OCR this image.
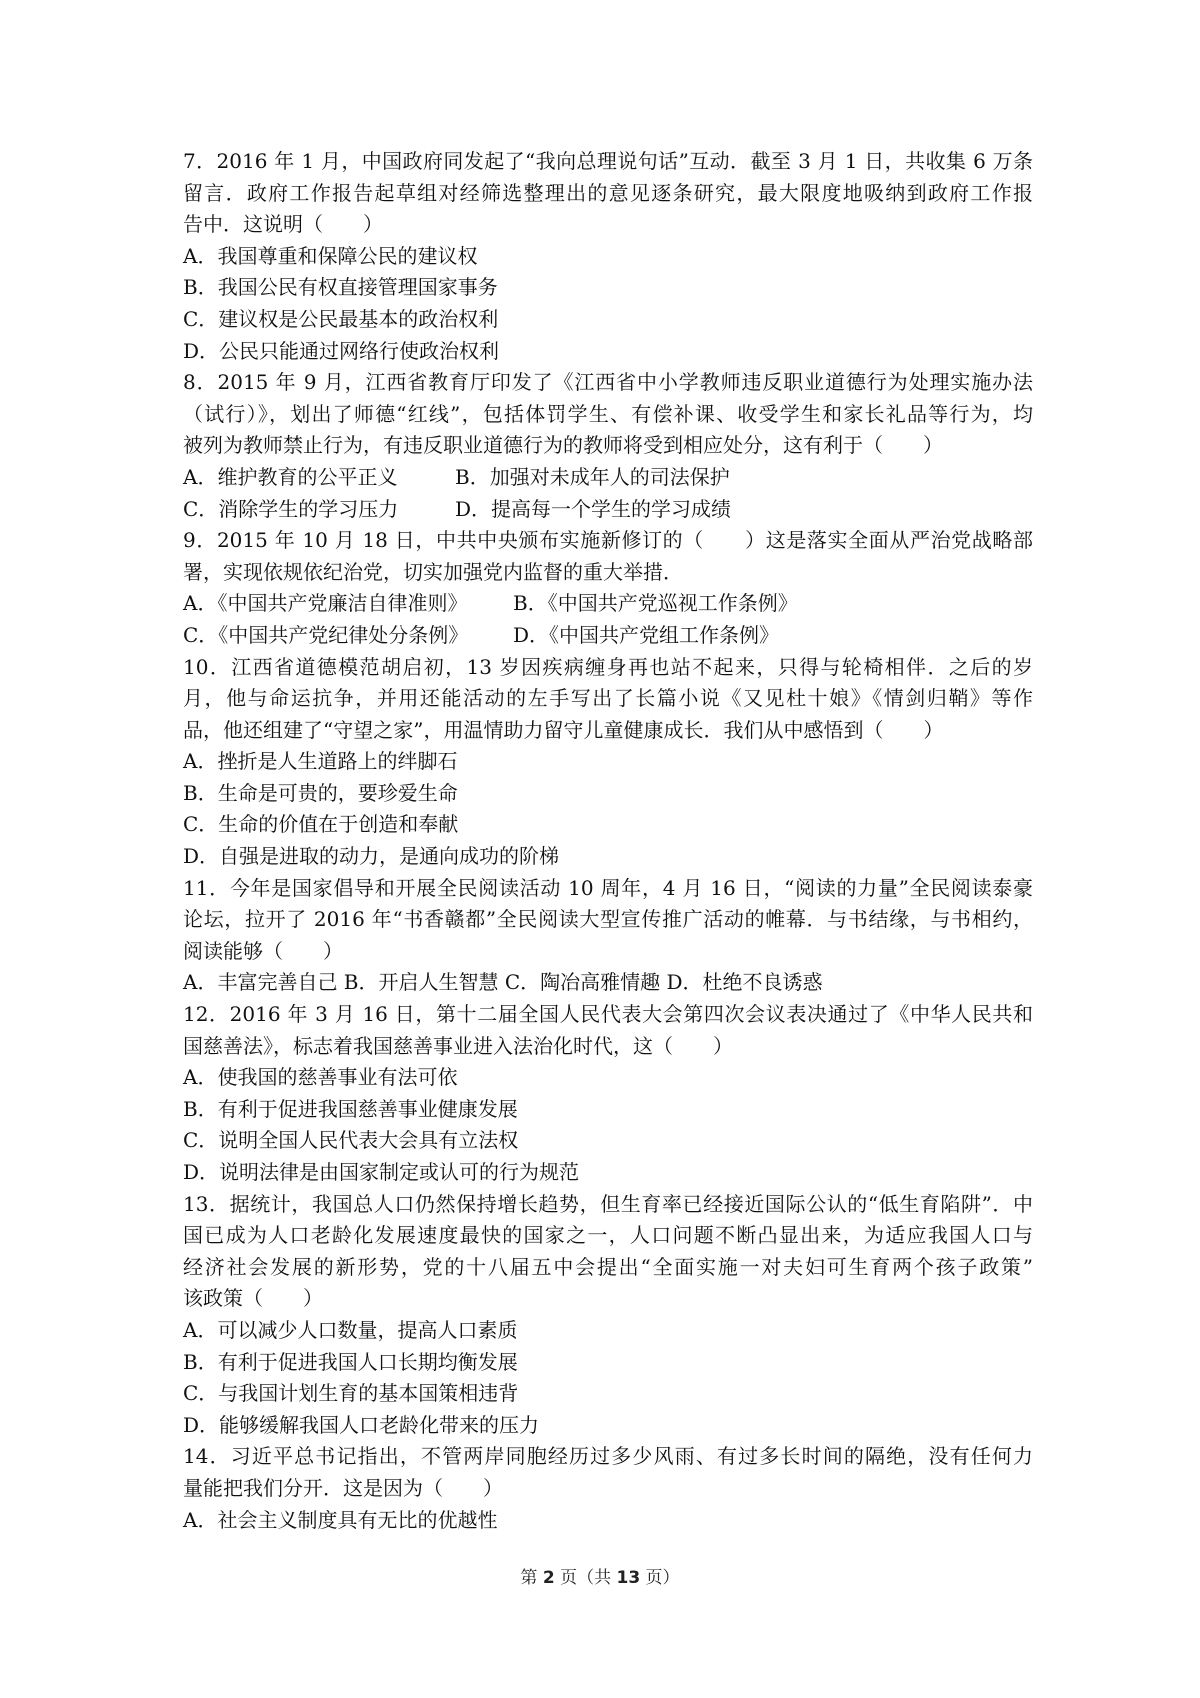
7．2016 年 1 月，中国政府同发起了“我向总理说句话”互动．截至 3 月 1 日，共收集 6 万条
留言．政府工作报告起草组对经筛选整理出的意见逐条研究，最大限度地吸纳到政府工作报
告中．这说明（　　）
A．我国尊重和保障公民的建议权
B．我国公民有权直接管理国家事务
C．建议权是公民最基本的政治权利
D．公民只能通过网络行使政治权利
8．2015 年 9 月，江西省教育厅印发了《江西省中小学教师违反职业道德行为处理实施办法
（试行）》，划出了师德“红线”，包括体罚学生、有偿补课、收受学生和家长礼品等行为，均
被列为教师禁止行为，有违反职业道德行为的教师将受到相应处分，这有利于（　　）
A．维护教育的公平正义	B．加强对未成年人的司法保护
C．消除学生的学习压力	D．提高每一个学生的学习成绩
9．2015 年 10 月 18 日，中共中央颁布实施新修订的（　　）这是落实全面从严治党战略部
署，实现依规依纪治党，切实加强党内监督的重大举措．
A．《中国共产党廉洁自律准则》	B．《中国共产党巡视工作条例》
C．《中国共产党纪律处分条例》	D．《中国共产党组工作条例》
10．江西省道德模范胡启初，13 岁因疾病缠身再也站不起来，只得与轮椅相伴．之后的岁
月，他与命运抗争，并用还能活动的左手写出了长篇小说《又见杜十娘》《情剑归鞘》等作
品，他还组建了“守望之家”，用温情助力留守儿童健康成长．我们从中感悟到（　　）
A．挫折是人生道路上的绊脚石
B．生命是可贵的，要珍爱生命
C．生命的价值在于创造和奉献
D．自强是进取的动力，是通向成功的阶梯
11．今年是国家倡导和开展全民阅读活动 10 周年，4 月 16 日，“阅读的力量”全民阅读泰豪
论坛，拉开了 2016 年“书香赣都”全民阅读大型宣传推广活动的帷幕．与书结缘，与书相约，
阅读能够（　　）
A．丰富完善自己 B．开启人生智慧 C．陶冶高雅情趣 D．杜绝不良诱惑
12．2016 年 3 月 16 日，第十二届全国人民代表大会第四次会议表决通过了《中华人民共和
国慈善法》，标志着我国慈善事业进入法治化时代，这（　　）
A．使我国的慈善事业有法可依
B．有利于促进我国慈善事业健康发展
C．说明全国人民代表大会具有立法权
D．说明法律是由国家制定或认可的行为规范
13．据统计，我国总人口仍然保持增长趋势，但生育率已经接近国际公认的“低生育陷阱”．中
国已成为人口老龄化发展速度最快的国家之一，人口问题不断凸显出来，为适应我国人口与
经济社会发展的新形势，党的十八届五中会提出“全面实施一对夫妇可生育两个孩子政策”
该政策（　　）
A．可以减少人口数量，提高人口素质
B．有利于促进我国人口长期均衡发展
C．与我国计划生育的基本国策相违背
D．能够缓解我国人口老龄化带来的压力
14．习近平总书记指出，不管两岸同胞经历过多少风雨、有过多长时间的隔绝，没有任何力
量能把我们分开．这是因为（　　）
A．社会主义制度具有无比的优越性
第 2 页（共 13 页）
